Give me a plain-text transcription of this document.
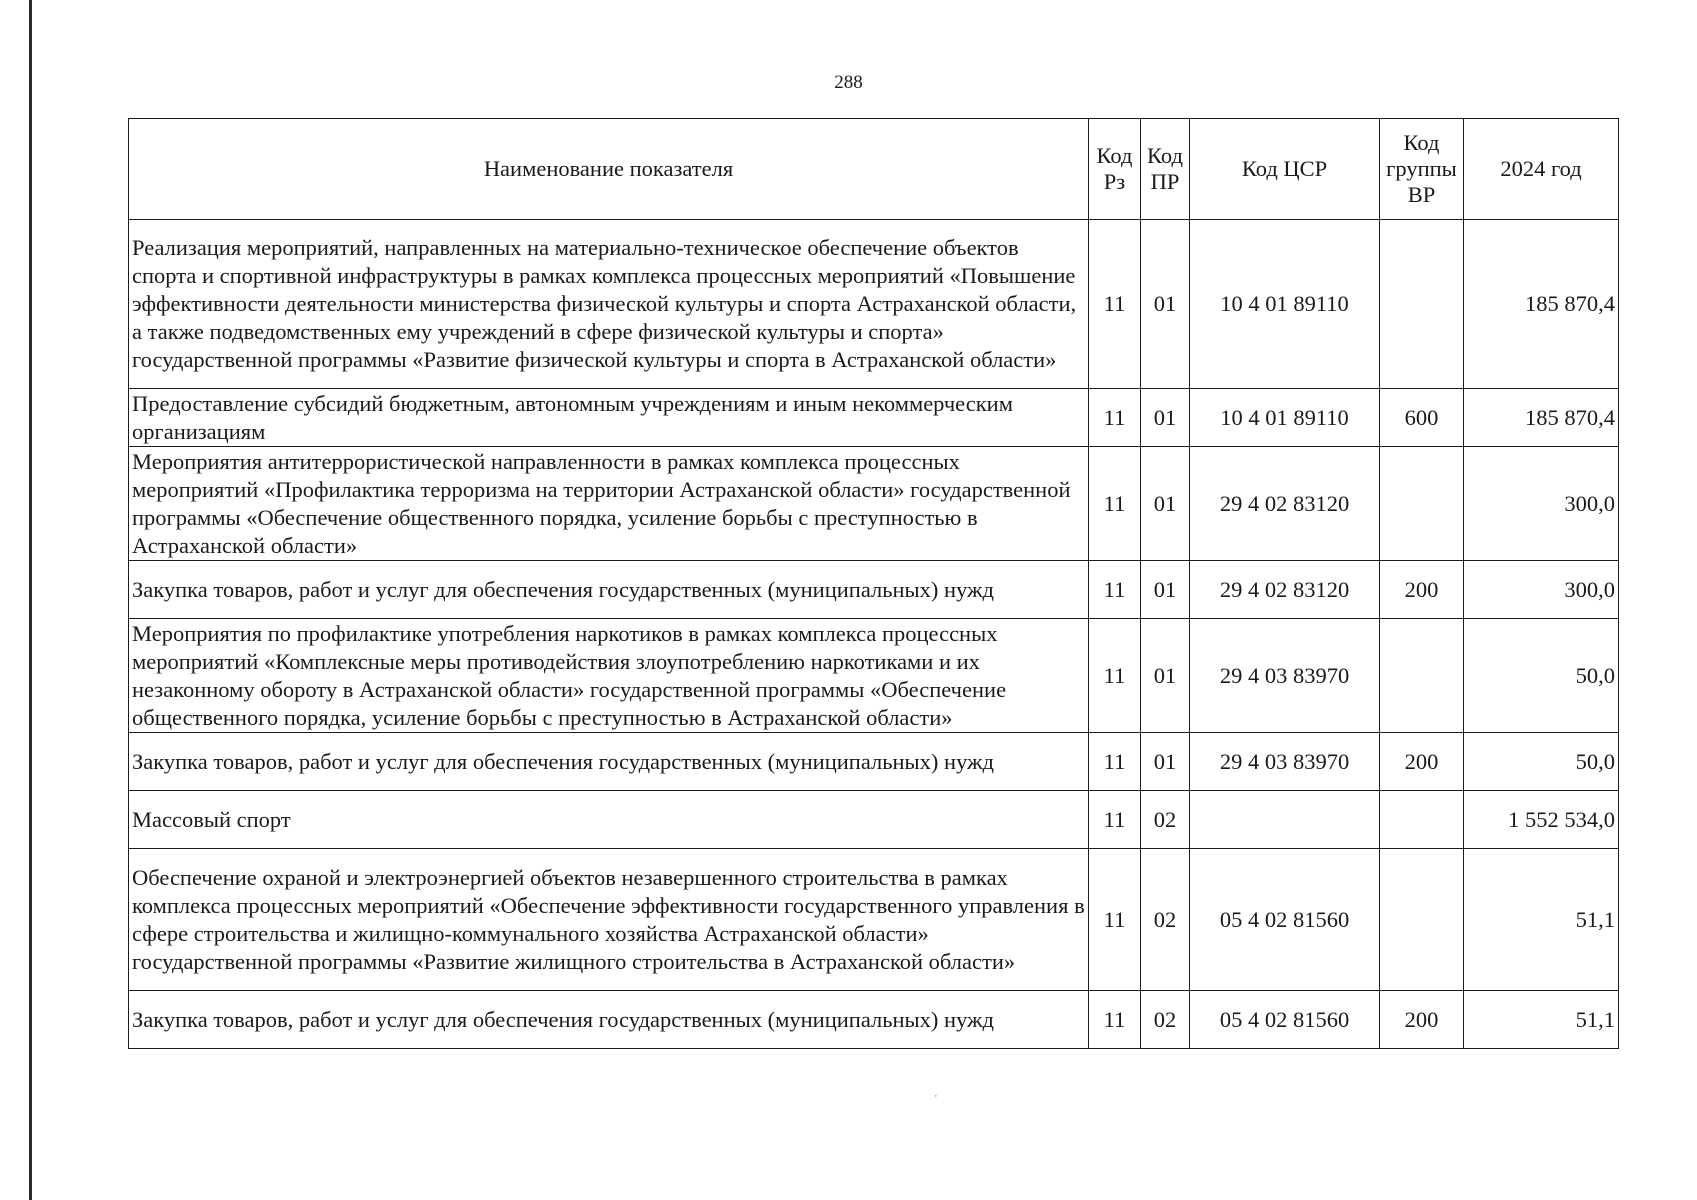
288
Наименование показателя	Код Рз	Код ПР	Код ЦСР	Код группы ВР	2024 год
Реализация мероприятий, направленных на материально-техническое обеспечение объектов спорта и спортивной инфраструктуры в рамках комплекса процессных мероприятий «Повышение эффективности деятельности министерства физической культуры и спорта Астраханской области, а также подведомственных ему учреждений в сфере физической культуры и спорта» государственной программы «Развитие физической культуры и спорта в Астраханской области»	11	01	10 4 01 89110		185 870,4
Предоставление субсидий бюджетным, автономным учреждениям и иным некоммерческим организациям	11	01	10 4 01 89110	600	185 870,4
Мероприятия антитеррористической направленности в рамках комплекса процессных мероприятий «Профилактика терроризма на территории Астраханской области» государственной программы «Обеспечение общественного порядка, усиление борьбы с преступностью в Астраханской области»	11	01	29 4 02 83120		300,0
Закупка товаров, работ и услуг для обеспечения государственных (муниципальных) нужд	11	01	29 4 02 83120	200	300,0
Мероприятия по профилактике употребления наркотиков в рамках комплекса процессных мероприятий «Комплексные меры противодействия злоупотреблению наркотиками и их незаконному обороту в Астраханской области» государственной программы «Обеспечение общественного порядка, усиление борьбы с преступностью в Астраханской области»	11	01	29 4 03 83970		50,0
Закупка товаров, работ и услуг для обеспечения государственных (муниципальных) нужд	11	01	29 4 03 83970	200	50,0
Массовый спорт	11	02			1 552 534,0
Обеспечение охраной и электроэнергией объектов незавершенного строительства в рамках комплекса процессных мероприятий «Обеспечение эффективности государственного управления в сфере строительства и жилищно-коммунального хозяйства Астраханской области» государственной программы «Развитие жилищного строительства в Астраханской области»	11	02	05 4 02 81560		51,1
Закупка товаров, работ и услуг для обеспечения государственных (муниципальных) нужд	11	02	05 4 02 81560	200	51,1
'
